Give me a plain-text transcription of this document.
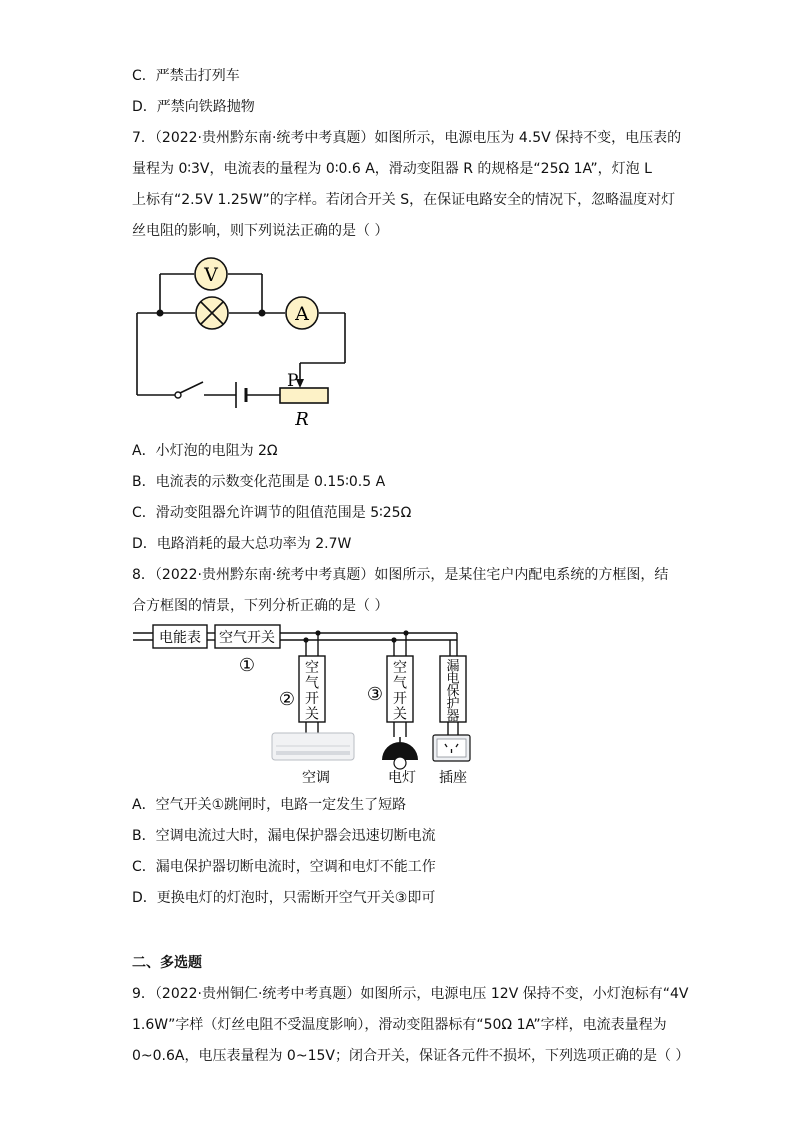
C．严禁击打列车
D．严禁向铁路抛物
7．（2022·贵州黔东南·统考中考真题）如图所示，电源电压为 4.5V 保持不变，电压表的
量程为 0∶3V，电流表的量程为 0∶0.6 A，滑动变阻器 R 的规格是“25Ω 1A”，灯泡 L
上标有“2.5V 1.25W”的字样。若闭合开关 S，在保证电路安全的情况下，忽略温度对灯
丝电阻的影响，则下列说法正确的是（ ）
V
A
P
R
A．小灯泡的电阻为 2Ω
B．电流表的示数变化范围是 0.15∶0.5 A
C．滑动变阻器允许调节的阻值范围是 5∶25Ω
D．电路消耗的最大总功率为 2.7W
8．（2022·贵州黔东南·统考中考真题）如图所示，是某住宅户内配电系统的方框图，结
合方框图的情景，下列分析正确的是（ ）
电能表 空气开关
①	空气开关
②
空气开关
③
漏电保护器
空调	电灯 插座
A．空气开关①跳闸时，电路一定发生了短路
B．空调电流过大时，漏电保护器会迅速切断电流
C．漏电保护器切断电流时，空调和电灯不能工作
D．更换电灯的灯泡时，只需断开空气开关③即可
二、多选题
9．（2022·贵州铜仁·统考中考真题）如图所示，电源电压 12V 保持不变，小灯泡标有“4V
1.6W”字样（灯丝电阻不受温度影响），滑动变阻器标有“50Ω 1A”字样，电流表量程为
0~0.6A，电压表量程为 0~15V；闭合开关，保证各元件不损坏，下列选项正确的是（ ）
